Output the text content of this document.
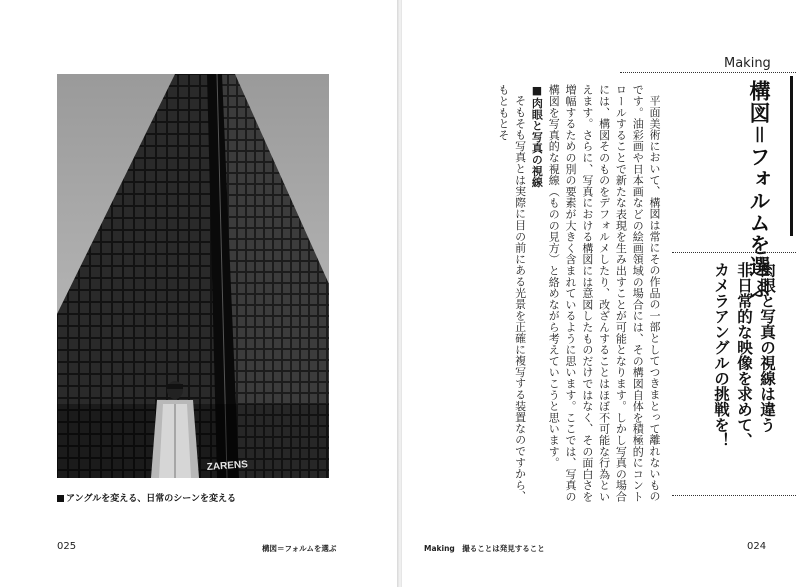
ZARENS
アングルを変える、日常のシーンを変える
025	構図＝フォルムを選ぶ
Making
構図＝フォルムを選ぶ
肉眼と写真の視線は違う
非日常的な映像を求めて、
カメラアングルの挑戦を！

平面美術において、構図は常にその作品の一部としてつきまとって離れないものです。油彩画や日本画などの絵画領域の場合には、その構図自体を積極的にコントロールすることで新たな表現を生み出すことが可能となります。しかし写真の場合には、構図そのものをデフォルメしたり、改ざんすることはほぼ不可能な行為といえます。さらに、写真における構図には意図したものだけではなく、その面白さを増幅するための別の要素が大きく含まれているように思います。ここでは、写真の構図を写真的な視線（ものの見方）と絡めながら考えていこうと思います。

■肉眼と写真の視線

そもそも写真とは実際に目の前にある光景を正確に複写する装置なのですから、もともとそ

Making　撮ることは発見すること	024
